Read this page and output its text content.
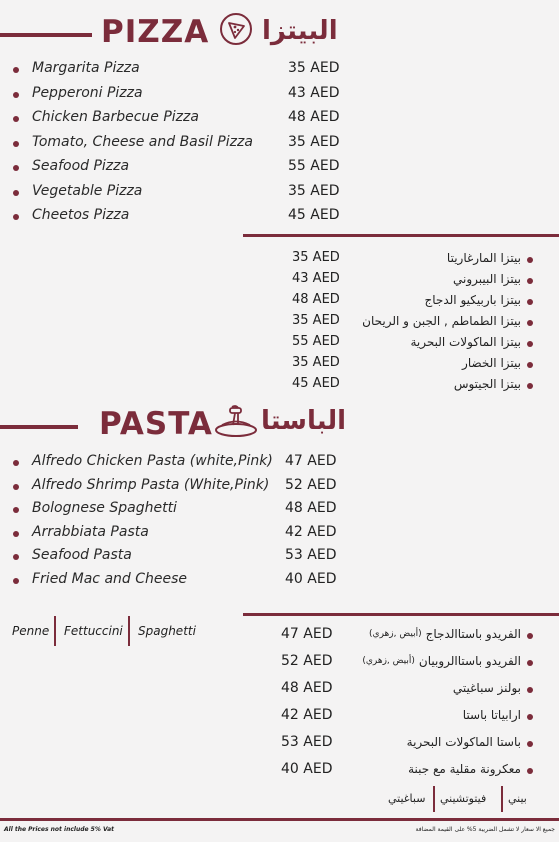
PIZZA البيتزا
Margarita Pizza	35 AED
Pepperoni Pizza	43 AED
Chicken Barbecue Pizza	48 AED
Tomato, Cheese and Basil Pizza	35 AED
Seafood Pizza	55 AED
Vegetable Pizza	35 AED
Cheetos Pizza	45 AED
35 AED	بيتزا المارغاريتا
43 AED	بيتزا البيبروني
48 AED	بيتزا باربيكيو الدجاج
35 AED بيتزا الطماطم , الجبن و الريحان
55 AED	بيتزا الماكولات البحرية
35 AED	بيتزا الخضار
45 AED	بيتزا الجيتوس
PASTA الباستا
Alfredo Chicken Pasta (white,Pink) 47 AED
Alfredo Shrimp Pasta (White,Pink) 52 AED
Bolognese Spaghetti	48 AED
Arrabbiata Pasta	42 AED
Seafood Pasta	53 AED
Fried Mac and Cheese	40 AED
Penne Fettuccini Spaghetti	47 AED	الفريدو باستاالدجاج
(أبيض ,زهري)
52 AED	الفريدو باستاالروبيان
(أبيض ,زهري)
48 AED	بولنز سباغيتي
42 AED	ارابياتا باستا
53 AED	باستا الماكولات البحرية
40 AED	معكرونة مقلية مع جبنة
بيني
فيتوتشيني
سباغيتي
All the Prices not include 5% Vat	جميع الا سعار لا تشمل الضريبة 5% على القيمة المضافة
